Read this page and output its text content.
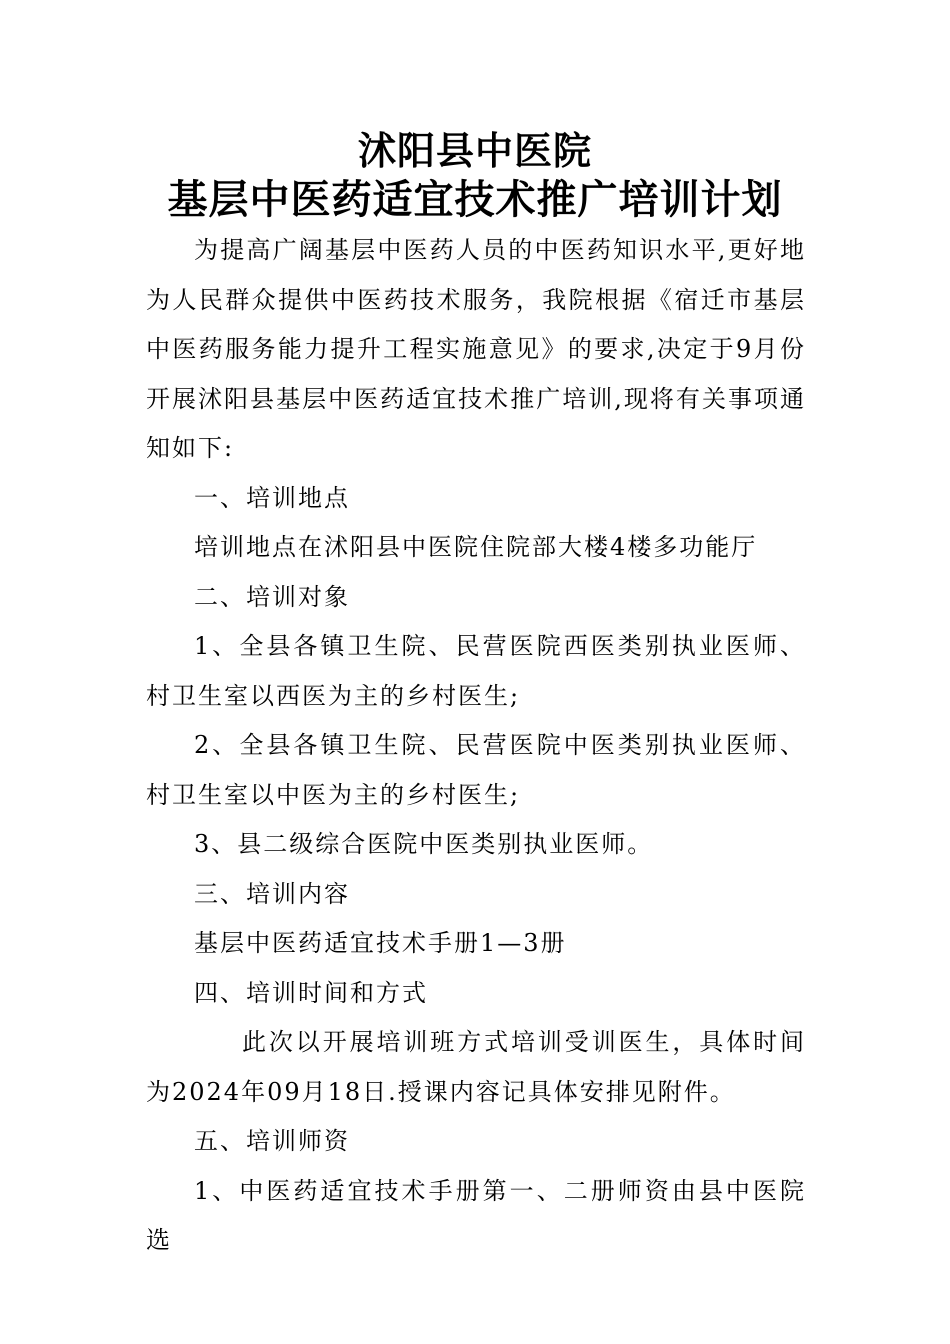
沭阳县中医院
基层中医药适宜技术推广培训计划

为提高广阔基层中医药人员的中医药知识水平,更好地为人民群众提供中医药技术服务，我院根据《宿迁市基层中医药服务能力提升工程实施意见》的要求,决定于9月份开展沭阳县基层中医药适宜技术推广培训,现将有关事项通知如下:

一、培训地点

培训地点在沭阳县中医院住院部大楼4楼多功能厅

二、培训对象

1、全县各镇卫生院、民营医院西医类别执业医师、村卫生室以西医为主的乡村医生;

2、全县各镇卫生院、民营医院中医类别执业医师、村卫生室以中医为主的乡村医生;

3、县二级综合医院中医类别执业医师。

三、培训内容

基层中医药适宜技术手册1—3册

四、培训时间和方式

此次以开展培训班方式培训受训医生，具体时间为2024年09月18日.授课内容记具体安排见附件。

五、培训师资

1、中医药适宜技术手册第一、二册师资由县中医院选
